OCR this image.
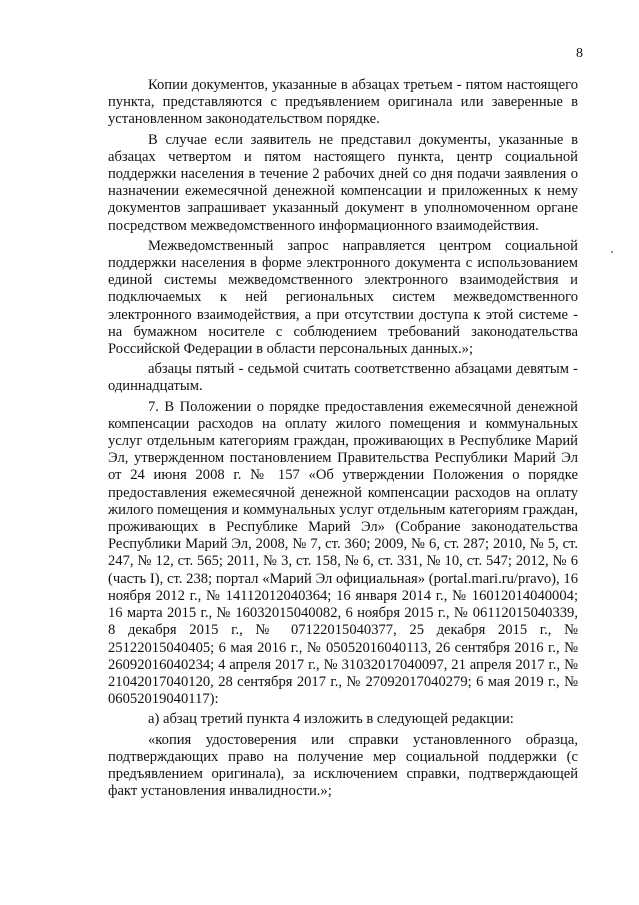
8

Копии документов, указанные в абзацах третьем - пятом настоящего пункта, представляются с предъявлением оригинала или заверенные в установленном законодательством порядке.

В случае если заявитель не представил документы, указанные в абзацах четвертом и пятом настоящего пункта, центр социальной поддержки населения в течение 2 рабочих дней со дня подачи заявления о назначении ежемесячной денежной компенсации и приложенных к нему документов запрашивает указанный документ в уполномоченном органе посредством межведомственного информационного взаимодействия.

Межведомственный запрос направляется центром социальной поддержки населения в форме электронного документа с использованием единой системы межведомственного электронного взаимодействия и подключаемых к ней региональных систем межведомственного электронного взаимодействия, а при отсутствии доступа к этой системе - на бумажном носителе с соблюдением требований законодательства Российской Федерации в области персональных данных.»;

абзацы пятый - седьмой считать соответственно абзацами девятым - одиннадцатым.

7. В Положении о порядке предоставления ежемесячной денежной компенсации расходов на оплату жилого помещения и коммунальных услуг отдельным категориям граждан, проживающих в Республике Марий Эл, утвержденном постановлением Правительства Республики Марий Эл от 24 июня 2008 г. № 157 «Об утверждении Положения о порядке предоставления ежемесячной денежной компенсации расходов на оплату жилого помещения и коммунальных услуг отдельным категориям граждан, проживающих в Республике Марий Эл» (Собрание законодательства Республики Марий Эл, 2008, № 7, ст. 360; 2009, № 6, ст. 287; 2010, № 5, ст. 247, № 12, ст. 565; 2011, № 3, ст. 158, № 6, ст. 331, № 10, ст. 547; 2012, № 6 (часть I), ст. 238; портал «Марий Эл официальная» (portal.mari.ru/pravo), 16 ноября 2012 г., № 14112012040364; 16 января 2014 г., № 16012014040004; 16 марта 2015 г., № 16032015040082, 6 ноября 2015 г., № 06112015040339, 8 декабря 2015 г., № 07122015040377, 25 декабря 2015 г., № 25122015040405; 6 мая 2016 г., № 05052016040113, 26 сентября 2016 г., № 26092016040234; 4 апреля 2017 г., № 31032017040097, 21 апреля 2017 г., № 21042017040120, 28 сентября 2017 г., № 27092017040279; 6 мая 2019 г., № 06052019040117):

а) абзац третий пункта 4 изложить в следующей редакции:

«копия удостоверения или справки установленного образца, подтверждающих право на получение мер социальной поддержки (с предъявлением оригинала), за исключением справки, подтверждающей факт установления инвалидности.»;
